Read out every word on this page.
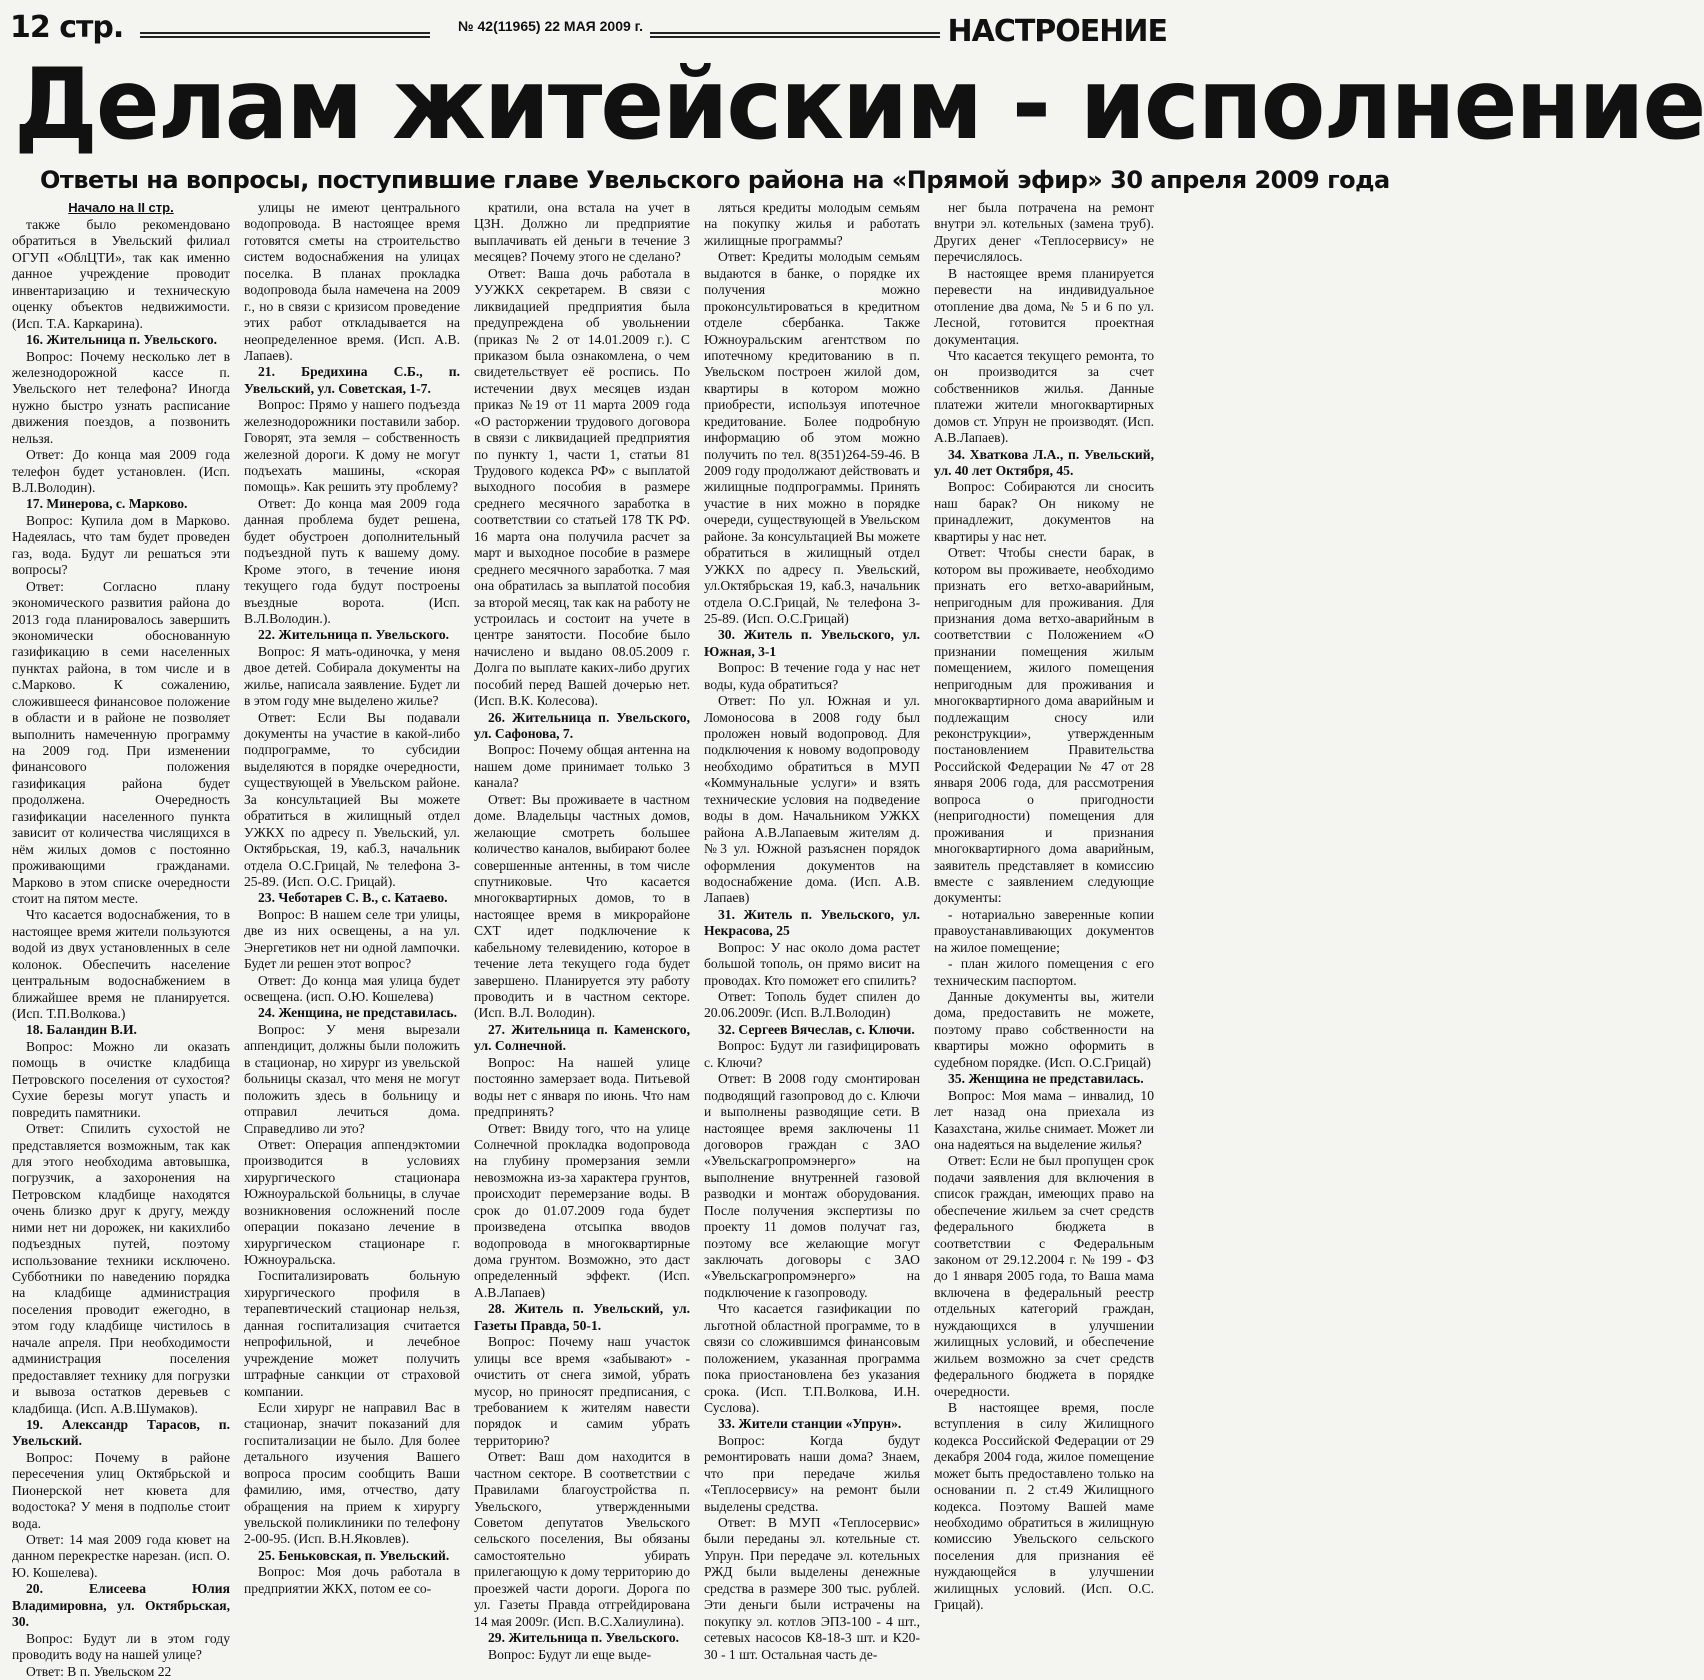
12 стр.	№ 42(11965) 22 МАЯ 2009 г.	НАСТРОЕНИЕ
Делам житейским - исполнение
Ответы на вопросы, поступившие главе Увельского района на «Прямой эфир» 30 апреля 2009 года
Начало на II стр.

также было рекомендовано обратиться в Увельский филиал ОГУП «ОблЦТИ», так как именно данное учреждение проводит инвентаризацию и техническую оценку объектов недвижимости.(Исп. Т.А. Каркарина).

16. Жительница п. Увельского.

Вопрос: Почему несколько лет в железнодорожной кассе п. Увельского нет телефона? Иногда нужно быстро узнать расписание движения поездов, а позвонить нельзя.

Ответ: До конца мая 2009 года телефон будет установлен. (Исп. В.Л.Володин).

17. Минерова, с. Марково.

Вопрос: Купила дом в Марково. Надеялась, что там будет проведен газ, вода. Будут ли решаться эти вопросы?

Ответ: Согласно плану экономического развития района до 2013 года планировалось завершить экономически обоснованную газификацию в семи населенных пунктах района, в том числе и в с.Марково. К сожалению, сложившееся финансовое положение в области и в районе не позволяет выполнить намеченную программу на 2009 год. При изменении финансового положения газификация района будет продолжена. Очередность газификации населенного пункта зависит от количества числящихся в нём жилых домов с постоянно проживающими гражданами. Марково в этом списке очередности стоит на пятом месте.

Что касается водоснабжения, то в настоящее время жители пользуются водой из двух установленных в селе колонок. Обеспечить население центральным водоснабжением в ближайшее время не планируется. (Исп. Т.П.Волкова.)

18. Баландин В.И.

Вопрос: Можно ли оказать помощь в очистке кладбища Петровского поселения от сухостоя? Сухие березы могут упасть и повредить памятники.

Ответ: Спилить сухостой не представляется возможным, так как для этого необходима автовышка, погрузчик, а захоронения на Петровском кладбище находятся очень близко друг к другу, между ними нет ни дорожек, ни какихлибо подъездных путей, поэтому использование техники исключено. Субботники по наведению порядка на кладбище администрация поселения проводит ежегодно, в этом году кладбище чистилось в начале апреля. При необходимости администрация поселения предоставляет технику для погрузки и вывоза остатков деревьев с кладбища. (Исп. А.В.Шумаков).

19. Александр Тарасов, п. Увельский.

Вопрос: Почему в районе пересечения улиц Октябрьской и Пионерской нет кювета для водостока? У меня в подполье стоит вода.

Ответ: 14 мая 2009 года кювет на данном перекрестке нарезан. (исп. О. Ю. Кошелева).

20. Елисеева Юлия Владимировна, ул. Октябрьская, 30.

Вопрос: Будут ли в этом году проводить воду на нашей улице?

Ответ: В п. Увельском 22

улицы не имеют центрального водопровода. В настоящее время готовятся сметы на строительство систем водоснабжения на улицах поселка. В планах прокладка водопровода была намечена на 2009 г., но в связи с кризисом проведение этих работ откладывается на неопределенное время. (Исп. А.В. Лапаев).

21. Бредихина С.Б., п. Увельский, ул. Советская, 1-7.

Вопрос: Прямо у нашего подъезда железнодорожники поставили забор. Говорят, эта земля – собственность железной дороги. К дому не могут подъехать машины, «скорая помощь». Как решить эту проблему?

Ответ: До конца мая 2009 года данная проблема будет решена, будет обустроен дополнительный подъездной путь к вашему дому. Кроме этого, в течение июня текущего года будут построены въездные ворота. (Исп. В.Л.Володин.).

22. Жительница п. Увельского.

Вопрос: Я мать-одиночка, у меня двое детей. Собирала документы на жилье, написала заявление. Будет ли в этом году мне выделено жилье?

Ответ: Если Вы подавали документы на участие в какой-либо подпрограмме, то субсидии выделяются в порядке очередности, существующей в Увельском районе. За консультацией Вы можете обратиться в жилищный отдел УЖКХ по адресу п. Увельский, ул. Октябрьская, 19, каб.3, начальник отдела О.С.Грицай, № телефона 3-25-89. (Исп. О.С. Грицай).

23. Чеботарев С. В., с. Катаево.

Вопрос: В нашем селе три улицы, две из них освещены, а на ул. Энергетиков нет ни одной лампочки. Будет ли решен этот вопрос?

Ответ: До конца мая улица будет освещена. (исп. О.Ю. Кошелева)

24. Женщина, не представилась.

Вопрос: У меня вырезали аппендицит, должны были положить в стационар, но хирург из увельской больницы сказал, что меня не могут положить здесь в больницу и отправил лечиться дома. Справедливо ли это?

Ответ: Операция аппендэктомии производится в условиях хирургического стационара Южноуральской больницы, в случае возникновения осложнений после операции показано лечение в хирургическом стационаре г. Южноуральска.

Госпитализировать больную хирургического профиля в терапевтический стационар нельзя, данная госпитализация считается непрофильной, и лечебное учреждение может получить штрафные санкции от страховой компании.

Если хирург не направил Вас в стационар, значит показаний для госпитализации не было. Для более детального изучения Вашего вопроса просим сообщить Ваши фамилию, имя, отчество, дату обращения на прием к хирургу увельской поликлиники по телефону 2-00-95. (Исп. В.Н.Яковлев).

25. Беньковская, п. Увельский.

Вопрос: Моя дочь работала в предприятии ЖКХ, потом ее со-

кратили, она встала на учет в ЦЗН. Должно ли предприятие выплачивать ей деньги в течение 3 месяцев? Почему этого не сделано?

Ответ: Ваша дочь работала в УУЖКХ секретарем. В связи с ликвидацией предприятия была предупреждена об увольнении (приказ № 2 от 14.01.2009 г.). С приказом была ознакомлена, о чем свидетельствует её роспись. По истечении двух месяцев издан приказ №19 от 11 марта 2009 года «О расторжении трудового договора в связи с ликвидацией предприятия по пункту 1, части 1, статьи 81 Трудового кодекса РФ» с выплатой выходного пособия в размере среднего месячного заработка в соответствии со статьей 178 ТК РФ. 16 марта она получила расчет за март и выходное пособие в размере среднего месячного заработка. 7 мая она обратилась за выплатой пособия за второй месяц, так как на работу не устроилась и состоит на учете в центре занятости. Пособие было начислено и выдано 08.05.2009 г. Долга по выплате каких-либо других пособий перед Вашей дочерью нет. (Исп. В.К. Колесова).

26. Жительница п. Увельского, ул. Сафонова, 7.

Вопрос: Почему общая антенна на нашем доме принимает только 3 канала?

Ответ: Вы проживаете в частном доме. Владельцы частных домов, желающие смотреть большее количество каналов, выбирают более совершенные антенны, в том числе спутниковые. Что касается многоквартирных домов, то в настоящее время в микрорайоне СХТ идет подключение к кабельному телевидению, которое в течение лета текущего года будет завершено. Планируется эту работу проводить и в частном секторе. (Исп. В.Л. Володин).

27. Жительница п. Каменского, ул. Солнечной.

Вопрос: На нашей улице постоянно замерзает вода. Питьевой воды нет с января по июнь. Что нам предпринять?

Ответ: Ввиду того, что на улице Солнечной прокладка водопровода на глубину промерзания земли невозможна из-за характера грунтов, происходит перемерзание воды. В срок до 01.07.2009 года будет произведена отсыпка вводов водопровода в многоквартирные дома грунтом. Возможно, это даст определенный эффект. (Исп. А.В.Лапаев)

28. Житель п. Увельский, ул. Газеты Правда, 50-1.

Вопрос: Почему наш участок улицы все время «забывают» - очистить от снега зимой, убрать мусор, но приносят предписания, с требованием к жителям навести порядок и самим убрать территорию?

Ответ: Ваш дом находится в частном секторе. В соответствии с Правилами благоустройства п. Увельского, утвержденными Советом депутатов Увельского сельского поселения, Вы обязаны самостоятельно убирать прилегающую к дому территорию до проезжей части дороги. Дорога по ул. Газеты Правда отгрейдирована 14 мая 2009г. (Исп. В.С.Халиулина).

29. Жительница п. Увельского.

Вопрос: Будут ли еще выде-

ляться кредиты молодым семьям на покупку жилья и работать жилищные программы?

Ответ: Кредиты молодым семьям выдаются в банке, о порядке их получения можно проконсультироваться в кредитном отделе сбербанка. Также Южноуральским агентством по ипотечному кредитованию в п. Увельском построен жилой дом, квартиры в котором можно приобрести, используя ипотечное кредитование. Более подробную информацию об этом можно получить по тел. 8(351)264-59-46. В 2009 году продолжают действовать и жилищные подпрограммы. Принять участие в них можно в порядке очереди, существующей в Увельском районе. За консультацией Вы можете обратиться в жилищный отдел УЖКХ по адресу п. Увельский, ул.Октябрьская 19, каб.3, начальник отдела О.С.Грицай, № телефона 3-25-89. (Исп. О.С.Грицай)

30. Житель п. Увельского, ул. Южная, 3-1

Вопрос: В течение года у нас нет воды, куда обратиться?

Ответ: По ул. Южная и ул. Ломоносова в 2008 году был проложен новый водопровод. Для подключения к новому водопроводу необходимо обратиться в МУП «Коммунальные услуги» и взять технические условия на подведение воды в дом. Начальником УЖКХ района А.В.Лапаевым жителям д. №3 ул. Южной разъяснен порядок оформления документов на водоснабжение дома. (Исп. А.В. Лапаев)

31. Житель п. Увельского, ул. Некрасова, 25

Вопрос: У нас около дома растет большой тополь, он прямо висит на проводах. Кто поможет его спилить?

Ответ: Тополь будет спилен до 20.06.2009г. (Исп. В.Л.Володин)

32. Сергеев Вячеслав, с. Ключи.

Вопрос: Будут ли газифицировать с. Ключи?

Ответ: В 2008 году смонтирован подводящий газопровод до с. Ключи и выполнены разводящие сети. В настоящее время заключены 11 договоров граждан с ЗАО «Увельскагропромэнерго» на выполнение внутренней газовой разводки и монтаж оборудования. После получения экспертизы по проекту 11 домов получат газ, поэтому все желающие могут заключать договоры с ЗАО «Увельскагропромэнерго» на подключение к газопроводу.

Что касается газификации по льготной областной программе, то в связи со сложившимся финансовым положением, указанная программа пока приостановлена без указания срока. (Исп. Т.П.Волкова, И.Н. Суслова).

33. Жители станции «Упрун».

Вопрос: Когда будут ремонтировать наши дома? Знаем, что при передаче жилья «Теплосервису» на ремонт были выделены средства.

Ответ: В МУП «Теплосервис» были переданы эл. котельные ст. Упрун. При передаче эл. котельных РЖД были выделены денежные средства в размере 300 тыс. рублей. Эти деньги были истрачены на покупку эл. котлов ЭПЗ-100 - 4 шт., сетевых насосов К8-18-3 шт. и К20-30 - 1 шт. Остальная часть де-

нег была потрачена на ремонт внутри эл. котельных (замена труб). Других денег «Теплосервису» не перечислялось.

В настоящее время планируется перевести на индивидуальное отопление два дома, № 5 и 6 по ул. Лесной, готовится проектная документация.

Что касается текущего ремонта, то он производится за счет собственников жилья. Данные платежи жители многоквартирных домов ст. Упрун не производят. (Исп. А.В.Лапаев).

34. Хваткова Л.А., п. Увельский, ул. 40 лет Октября, 45.

Вопрос: Собираются ли сносить наш барак? Он никому не принадлежит, документов на квартиры у нас нет.

Ответ: Чтобы снести барак, в котором вы проживаете, необходимо признать его ветхо-аварийным, непригодным для проживания. Для признания дома ветхо-аварийным в соответствии с Положением «О признании помещения жилым помещением, жилого помещения непригодным для проживания и многоквартирного дома аварийным и подлежащим сносу или реконструкции», утвержденным постановлением Правительства Российской Федерации № 47 от 28 января 2006 года, для рассмотрения вопроса о пригодности (непригодности) помещения для проживания и признания многоквартирного дома аварийным, заявитель представляет в комиссию вместе с заявлением следующие документы:

- нотариально заверенные копии правоустанавливающих документов на жилое помещение;

- план жилого помещения с его техническим паспортом.

Данные документы вы, жители дома, предоставить не можете, поэтому право собственности на квартиры можно оформить в судебном порядке. (Исп. О.С.Грицай)

35. Женщина не представилась.

Вопрос: Моя мама – инвалид, 10 лет назад она приехала из Казахстана, жилье снимает. Может ли она надеяться на выделение жилья?

Ответ: Если не был пропущен срок подачи заявления для включения в список граждан, имеющих право на обеспечение жильем за счет средств федерального бюджета в соответствии с Федеральным законом от 29.12.2004 г. № 199 - ФЗ до 1 января 2005 года, то Ваша мама включена в федеральный реестр отдельных категорий граждан, нуждающихся в улучшении жилищных условий, и обеспечение жильем возможно за счет средств федерального бюджета в порядке очередности.

В настоящее время, после вступления в силу Жилищного кодекса Российской Федерации от 29 декабря 2004 года, жилое помещение может быть предоставлено только на основании п. 2 ст.49 Жилищного кодекса. Поэтому Вашей маме необходимо обратиться в жилищную комиссию Увельского сельского поселения для признания её нуждающейся в улучшении жилищных условий. (Исп. О.С. Грицай).
